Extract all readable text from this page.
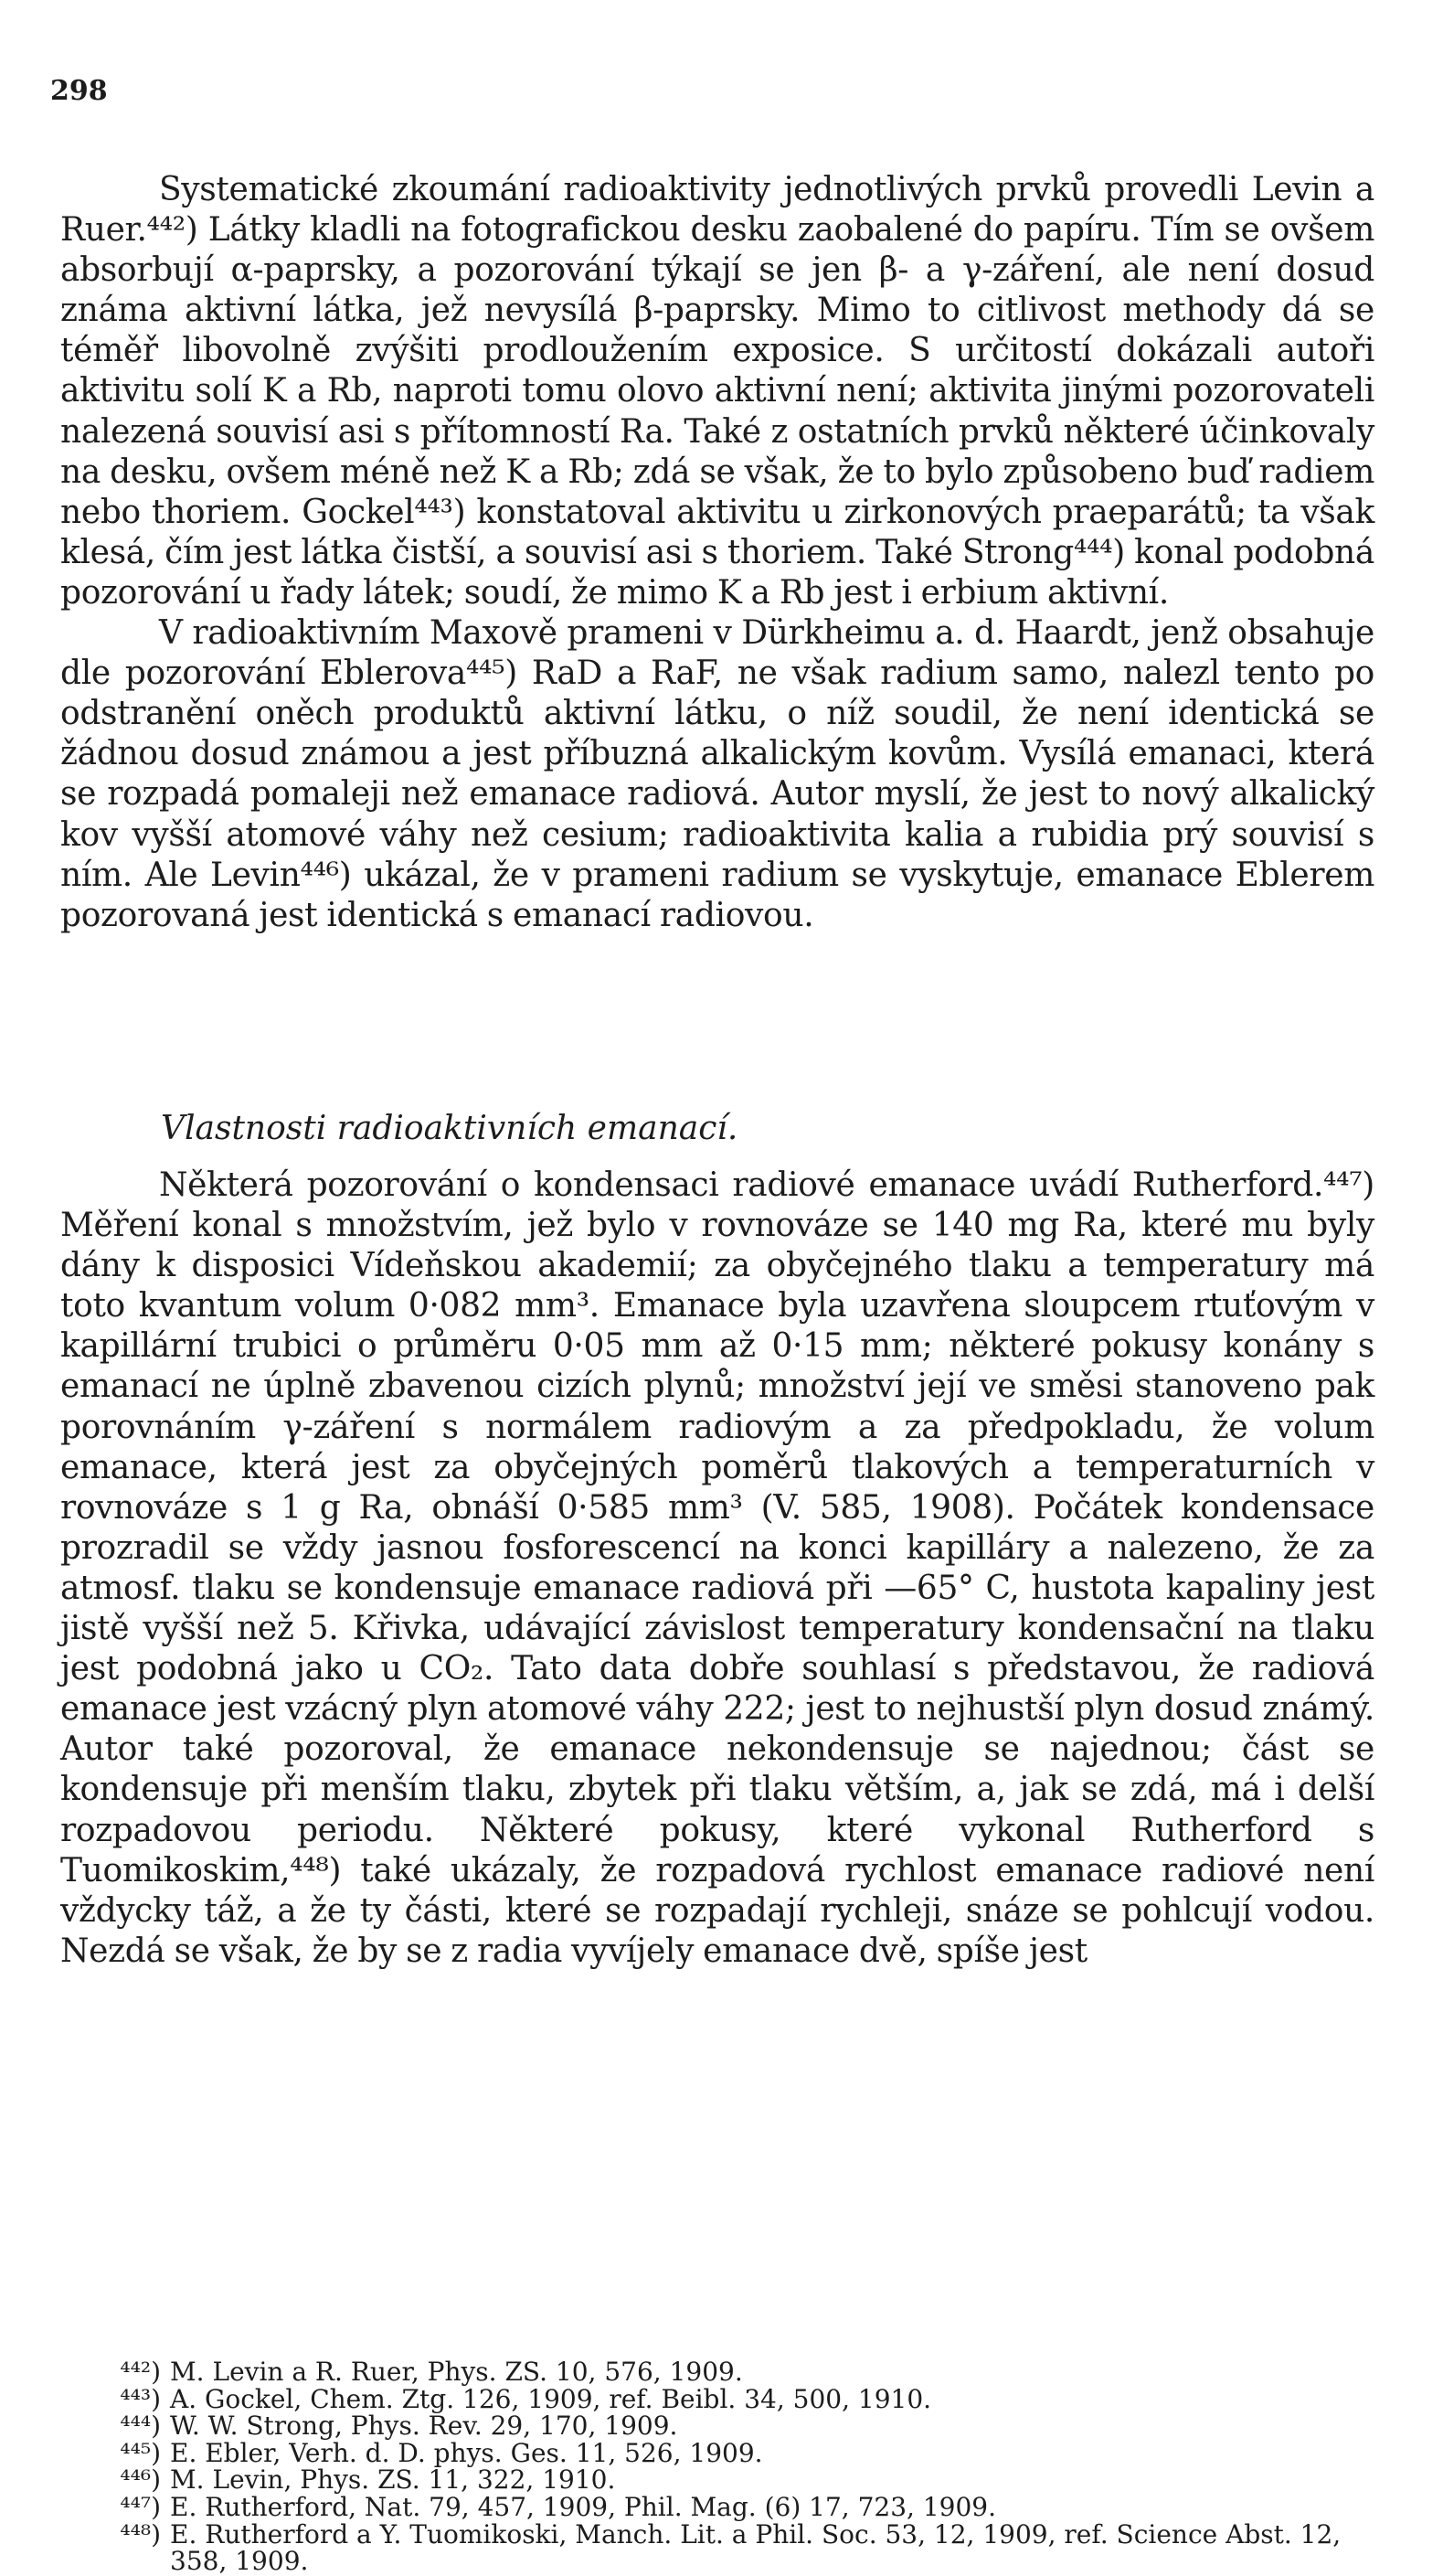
298

Systematické zkoumání radioaktivity jednotlivých prvků provedli Levin a Ruer.⁴⁴²) Látky kladli na fotografickou desku zaobalené do papíru. Tím se ovšem absorbují α-paprsky, a pozorování týkají se jen β- a γ-záření, ale není dosud známa aktivní látka, jež nevysílá β-paprsky. Mimo to citlivost methody dá se téměř libovolně zvýšiti prodloužením exposice. S určitostí dokázali autoři aktivitu solí K a Rb, naproti tomu olovo aktivní není; aktivita jinými pozorovateli nalezená souvisí asi s přítomností Ra. Také z ostatních prvků některé účinkovaly na desku, ovšem méně než K a Rb; zdá se však, že to bylo způsobeno buď radiem nebo thoriem. Gockel⁴⁴³) konstatoval aktivitu u zirkonových praeparátů; ta však klesá, čím jest látka čistší, a souvisí asi s thoriem. Také Strong⁴⁴⁴) konal podobná pozorování u řady látek; soudí, že mimo K a Rb jest i erbium aktivní.

V radioaktivním Maxově prameni v Dürkheimu a. d. Haardt, jenž obsahuje dle pozorování Eblerova⁴⁴⁵) RaD a RaF, ne však radium samo, nalezl tento po odstranění oněch produktů aktivní látku, o níž soudil, že není identická se žádnou dosud známou a jest příbuzná alkalickým kovům. Vysílá emanaci, která se rozpadá pomaleji než emanace radiová. Autor myslí, že jest to nový alkalický kov vyšší atomové váhy než cesium; radioaktivita kalia a rubidia prý souvisí s ním. Ale Levin⁴⁴⁶) ukázal, že v prameni radium se vyskytuje, emanace Eblerem pozorovaná jest identická s emanací radiovou.

Vlastnosti radioaktivních emanací.

Některá pozorování o kondensaci radiové emanace uvádí Rutherford.⁴⁴⁷) Měření konal s množstvím, jež bylo v rovnováze se 140 mg Ra, které mu byly dány k disposici Vídeňskou akademií; za obyčejného tlaku a temperatury má toto kvantum volum 0·082 mm³. Emanace byla uzavřena sloupcem rtuťovým v kapillární trubici o průměru 0·05 mm až 0·15 mm; některé pokusy konány s emanací ne úplně zbavenou cizích plynů; množství její ve směsi stanoveno pak porovnáním γ-záření s normálem radiovým a za předpokladu, že volum emanace, která jest za obyčejných poměrů tlakových a temperaturních v rovnováze s 1 g Ra, obnáší 0·585 mm³ (V. 585, 1908). Počátek kondensace prozradil se vždy jasnou fosforescencí na konci kapilláry a nalezeno, že za atmosf. tlaku se kondensuje emanace radiová při —65° C, hustota kapaliny jest jistě vyšší než 5. Křivka, udávající závislost temperatury kondensační na tlaku jest podobná jako u CO₂. Tato data dobře souhlasí s představou, že radiová emanace jest vzácný plyn atomové váhy 222; jest to nejhustší plyn dosud známý. Autor také pozoroval, že emanace nekondensuje se najednou; část se kondensuje při menším tlaku, zbytek při tlaku větším, a, jak se zdá, má i delší rozpadovou periodu. Některé pokusy, které vykonal Rutherford s Tuomikoskim,⁴⁴⁸) také ukázaly, že rozpadová rychlost emanace radiové není vždycky táž, a že ty části, které se rozpadají rychleji, snáze se pohlcují vodou. Nezdá se však, že by se z radia vyvíjely emanace dvě, spíše jest

⁴⁴²) M. Levin a R. Ruer, Phys. ZS. 10, 576, 1909.
⁴⁴³) A. Gockel, Chem. Ztg. 126, 1909, ref. Beibl. 34, 500, 1910.
⁴⁴⁴) W. W. Strong, Phys. Rev. 29, 170, 1909.
⁴⁴⁵) E. Ebler, Verh. d. D. phys. Ges. 11, 526, 1909.
⁴⁴⁶) M. Levin, Phys. ZS. 11, 322, 1910.
⁴⁴⁷) E. Rutherford, Nat. 79, 457, 1909, Phil. Mag. (6) 17, 723, 1909.
⁴⁴⁸) E. Rutherford a Y. Tuomikoski, Manch. Lit. a Phil. Soc. 53, 12, 1909, ref. Science Abst. 12, 358, 1909.
